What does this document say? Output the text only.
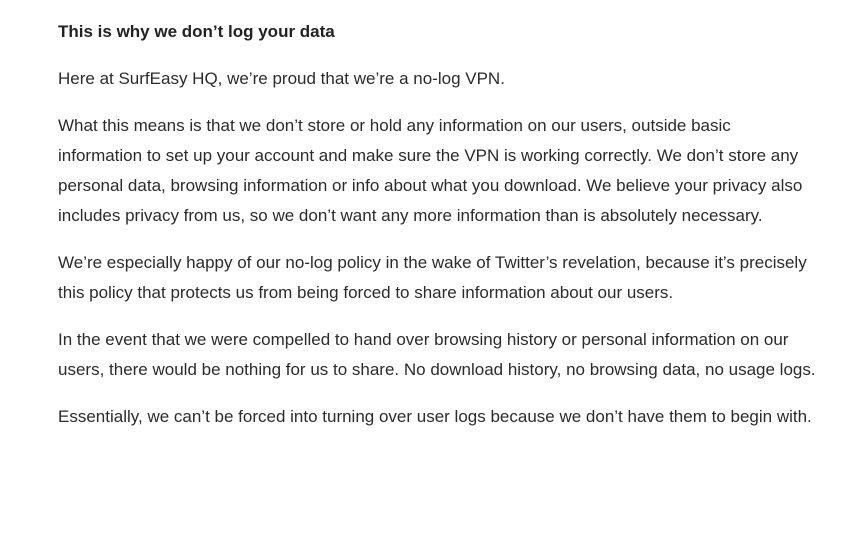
This is why we don’t log your data

Here at SurfEasy HQ, we’re proud that we’re a no-log VPN.

What this means is that we don’t store or hold any information on our users, outside basic information to set up your account and make sure the VPN is working correctly. We don’t store any personal data, browsing information or info about what you download. We believe your privacy also includes privacy from us, so we don’t want any more information than is absolutely necessary.

We’re especially happy of our no-log policy in the wake of Twitter’s revelation, because it’s precisely this policy that protects us from being forced to share information about our users.

In the event that we were compelled to hand over browsing history or personal information on our users, there would be nothing for us to share. No download history, no browsing data, no usage logs.

Essentially, we can’t be forced into turning over user logs because we don’t have them to begin with.
